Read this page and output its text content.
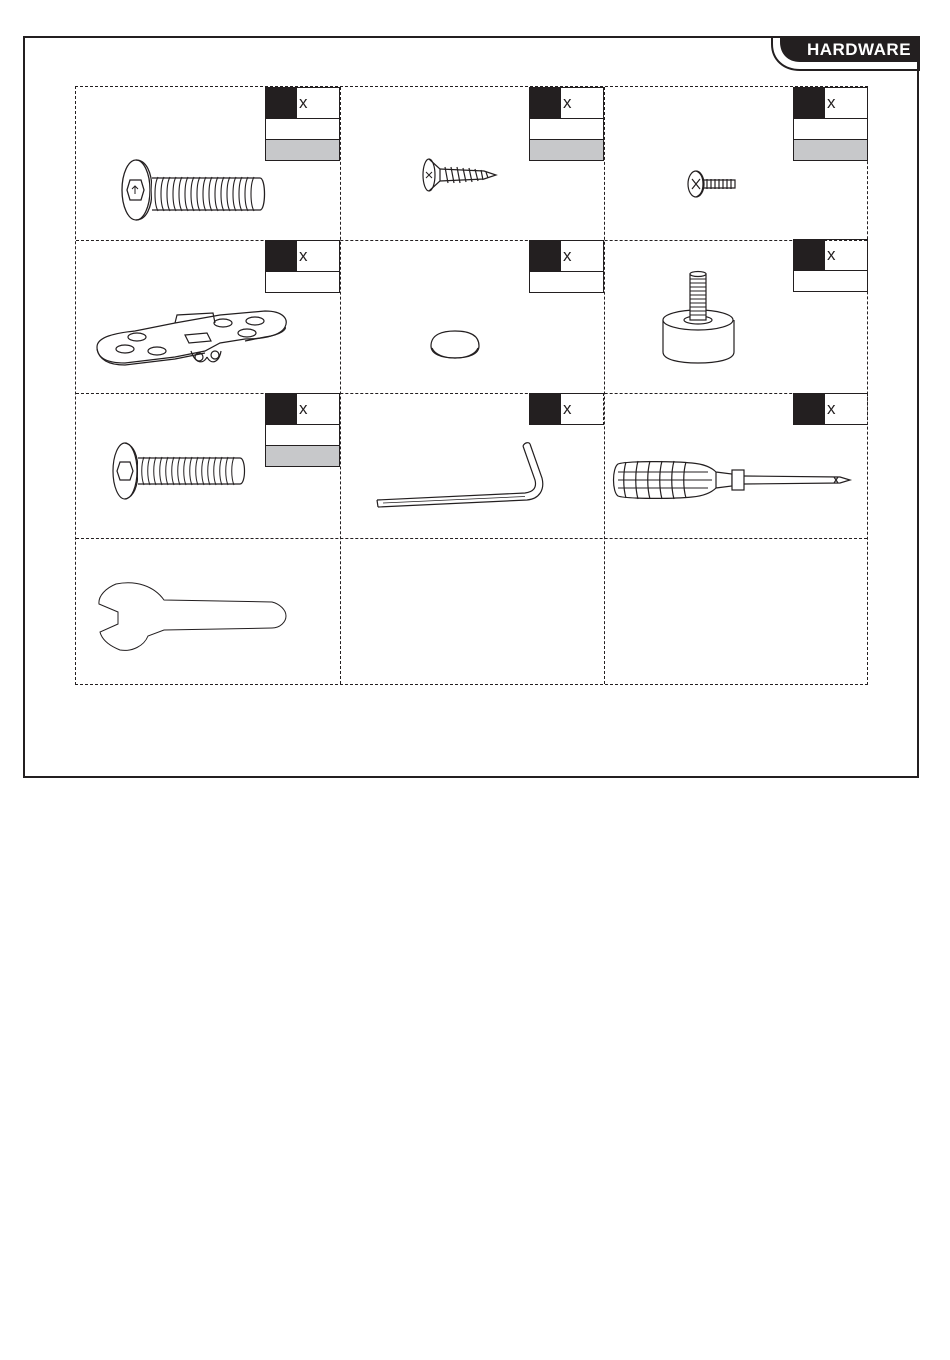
HARDWARE
x	x	x
x	x	x
x	x	x
